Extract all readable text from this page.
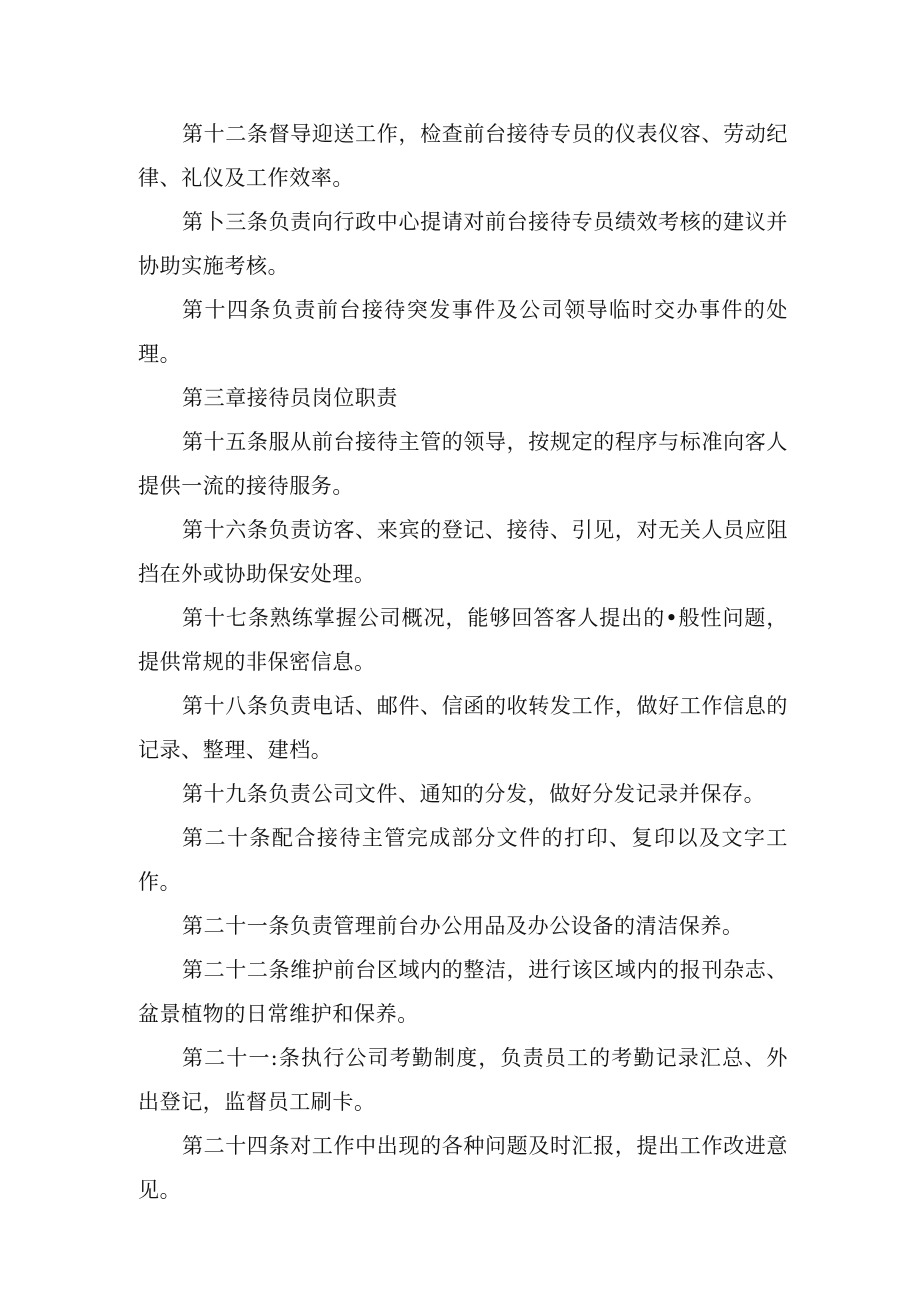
第十二条督导迎送工作，检查前台接待专员的仪表仪容、劳动纪律、礼仪及工作效率。

第卜三条负责向行政中心提请对前台接待专员绩效考核的建议并协助实施考核。

第十四条负责前台接待突发事件及公司领导临时交办事件的处理。

第三章接待员岗位职责

第十五条服从前台接待主管的领导，按规定的程序与标准向客人提供一流的接待服务。

第十六条负责访客、来宾的登记、接待、引见，对无关人员应阻挡在外或协助保安处理。

第十七条熟练掌握公司概况，能够回答客人提出的•般性问题，提供常规的非保密信息。

第十八条负责电话、邮件、信函的收转发工作，做好工作信息的记录、整理、建档。

第十九条负责公司文件、通知的分发，做好分发记录并保存。

第二十条配合接待主管完成部分文件的打印、复印以及文字工作。

第二十一条负责管理前台办公用品及办公设备的清洁保养。

第二十二条维护前台区域内的整洁，进行该区域内的报刊杂志、盆景植物的日常维护和保养。

第二十一:条执行公司考勤制度，负责员工的考勤记录汇总、外出登记，监督员工刷卡。

第二十四条对工作中出现的各种问题及时汇报，提出工作改进意见。
